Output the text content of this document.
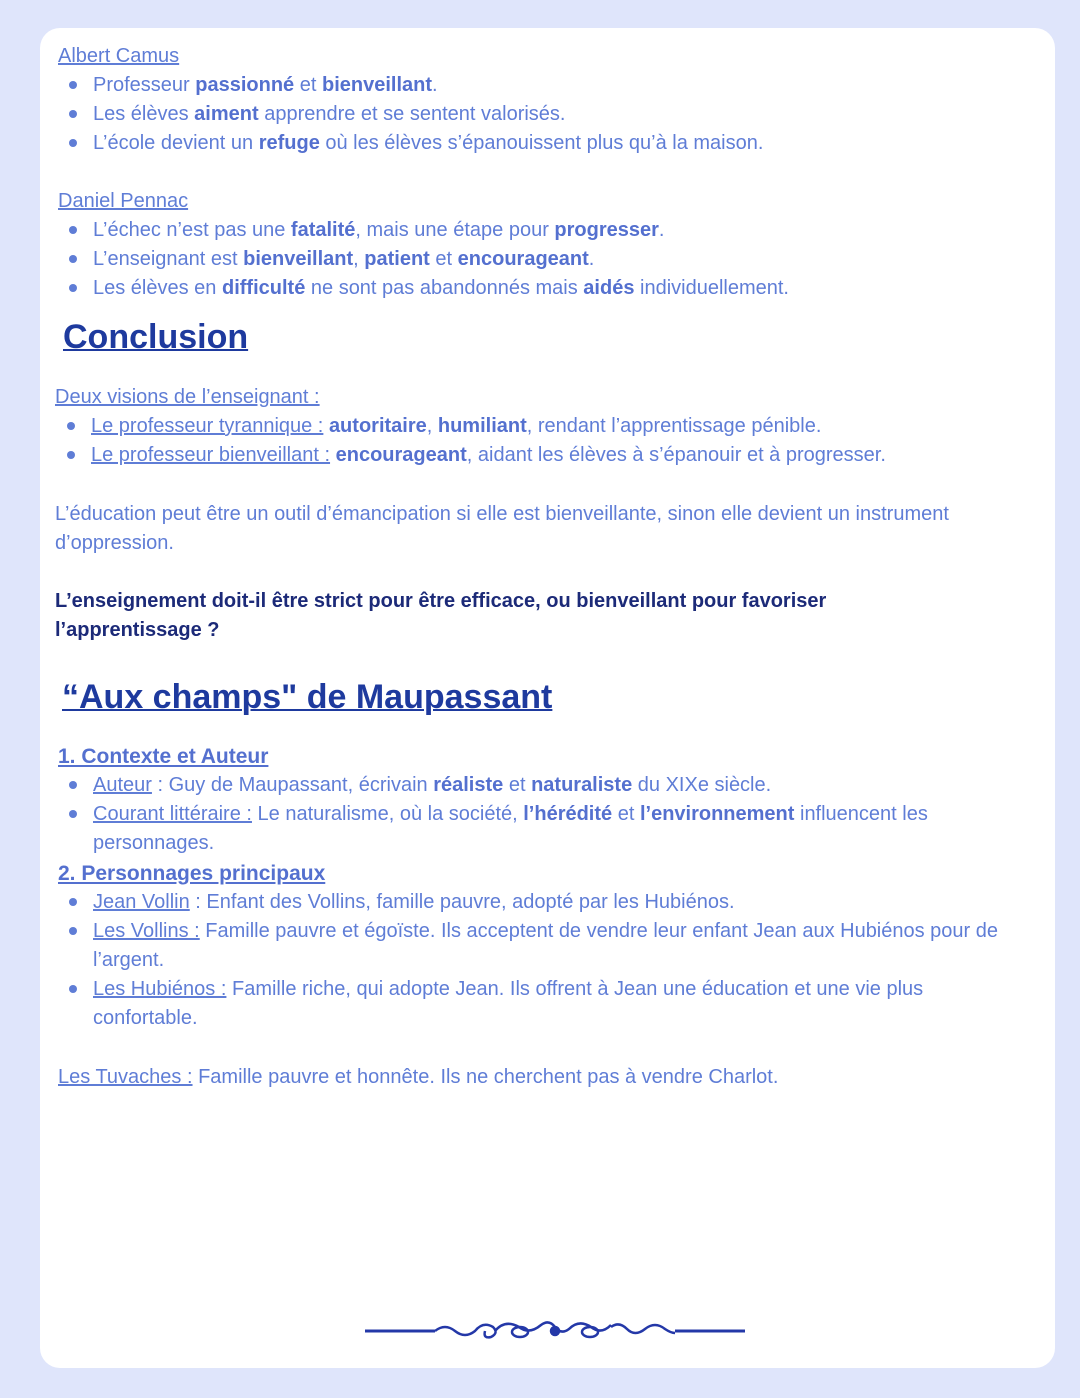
Albert Camus
Professeur passionné et bienveillant.
Les élèves aiment apprendre et se sentent valorisés.
L’école devient un refuge où les élèves s’épanouissent plus qu’à la maison.
Daniel Pennac
L’échec n’est pas une fatalité, mais une étape pour progresser.
L’enseignant est bienveillant, patient et encourageant.
Les élèves en difficulté ne sont pas abandonnés mais aidés individuellement.
Conclusion
Deux visions de l’enseignant :
Le professeur tyrannique : autoritaire, humiliant, rendant l’apprentissage pénible.
Le professeur bienveillant : encourageant, aidant les élèves à s’épanouir et à progresser.
L’éducation peut être un outil d’émancipation si elle est bienveillante, sinon elle devient un instrument d’oppression.
L’enseignement doit-il être strict pour être efficace, ou bienveillant pour favoriser l’apprentissage ?
“Aux champs" de Maupassant
1. Contexte et Auteur
Auteur : Guy de Maupassant, écrivain réaliste et naturaliste du XIXe siècle.
Courant littéraire : Le naturalisme, où la société, l’hérédité et l’environnement influencent les personnages.
2. Personnages principaux
Jean Vollin : Enfant des Vollins, famille pauvre, adopté par les Hubiénos.
Les Vollins : Famille pauvre et égoïste. Ils acceptent de vendre leur enfant Jean aux Hubiénos pour de l’argent.
Les Hubiénos : Famille riche, qui adopte Jean. Ils offrent à Jean une éducation et une vie plus confortable.
Les Tuvaches : Famille pauvre et honnête. Ils ne cherchent pas à vendre Charlot.
